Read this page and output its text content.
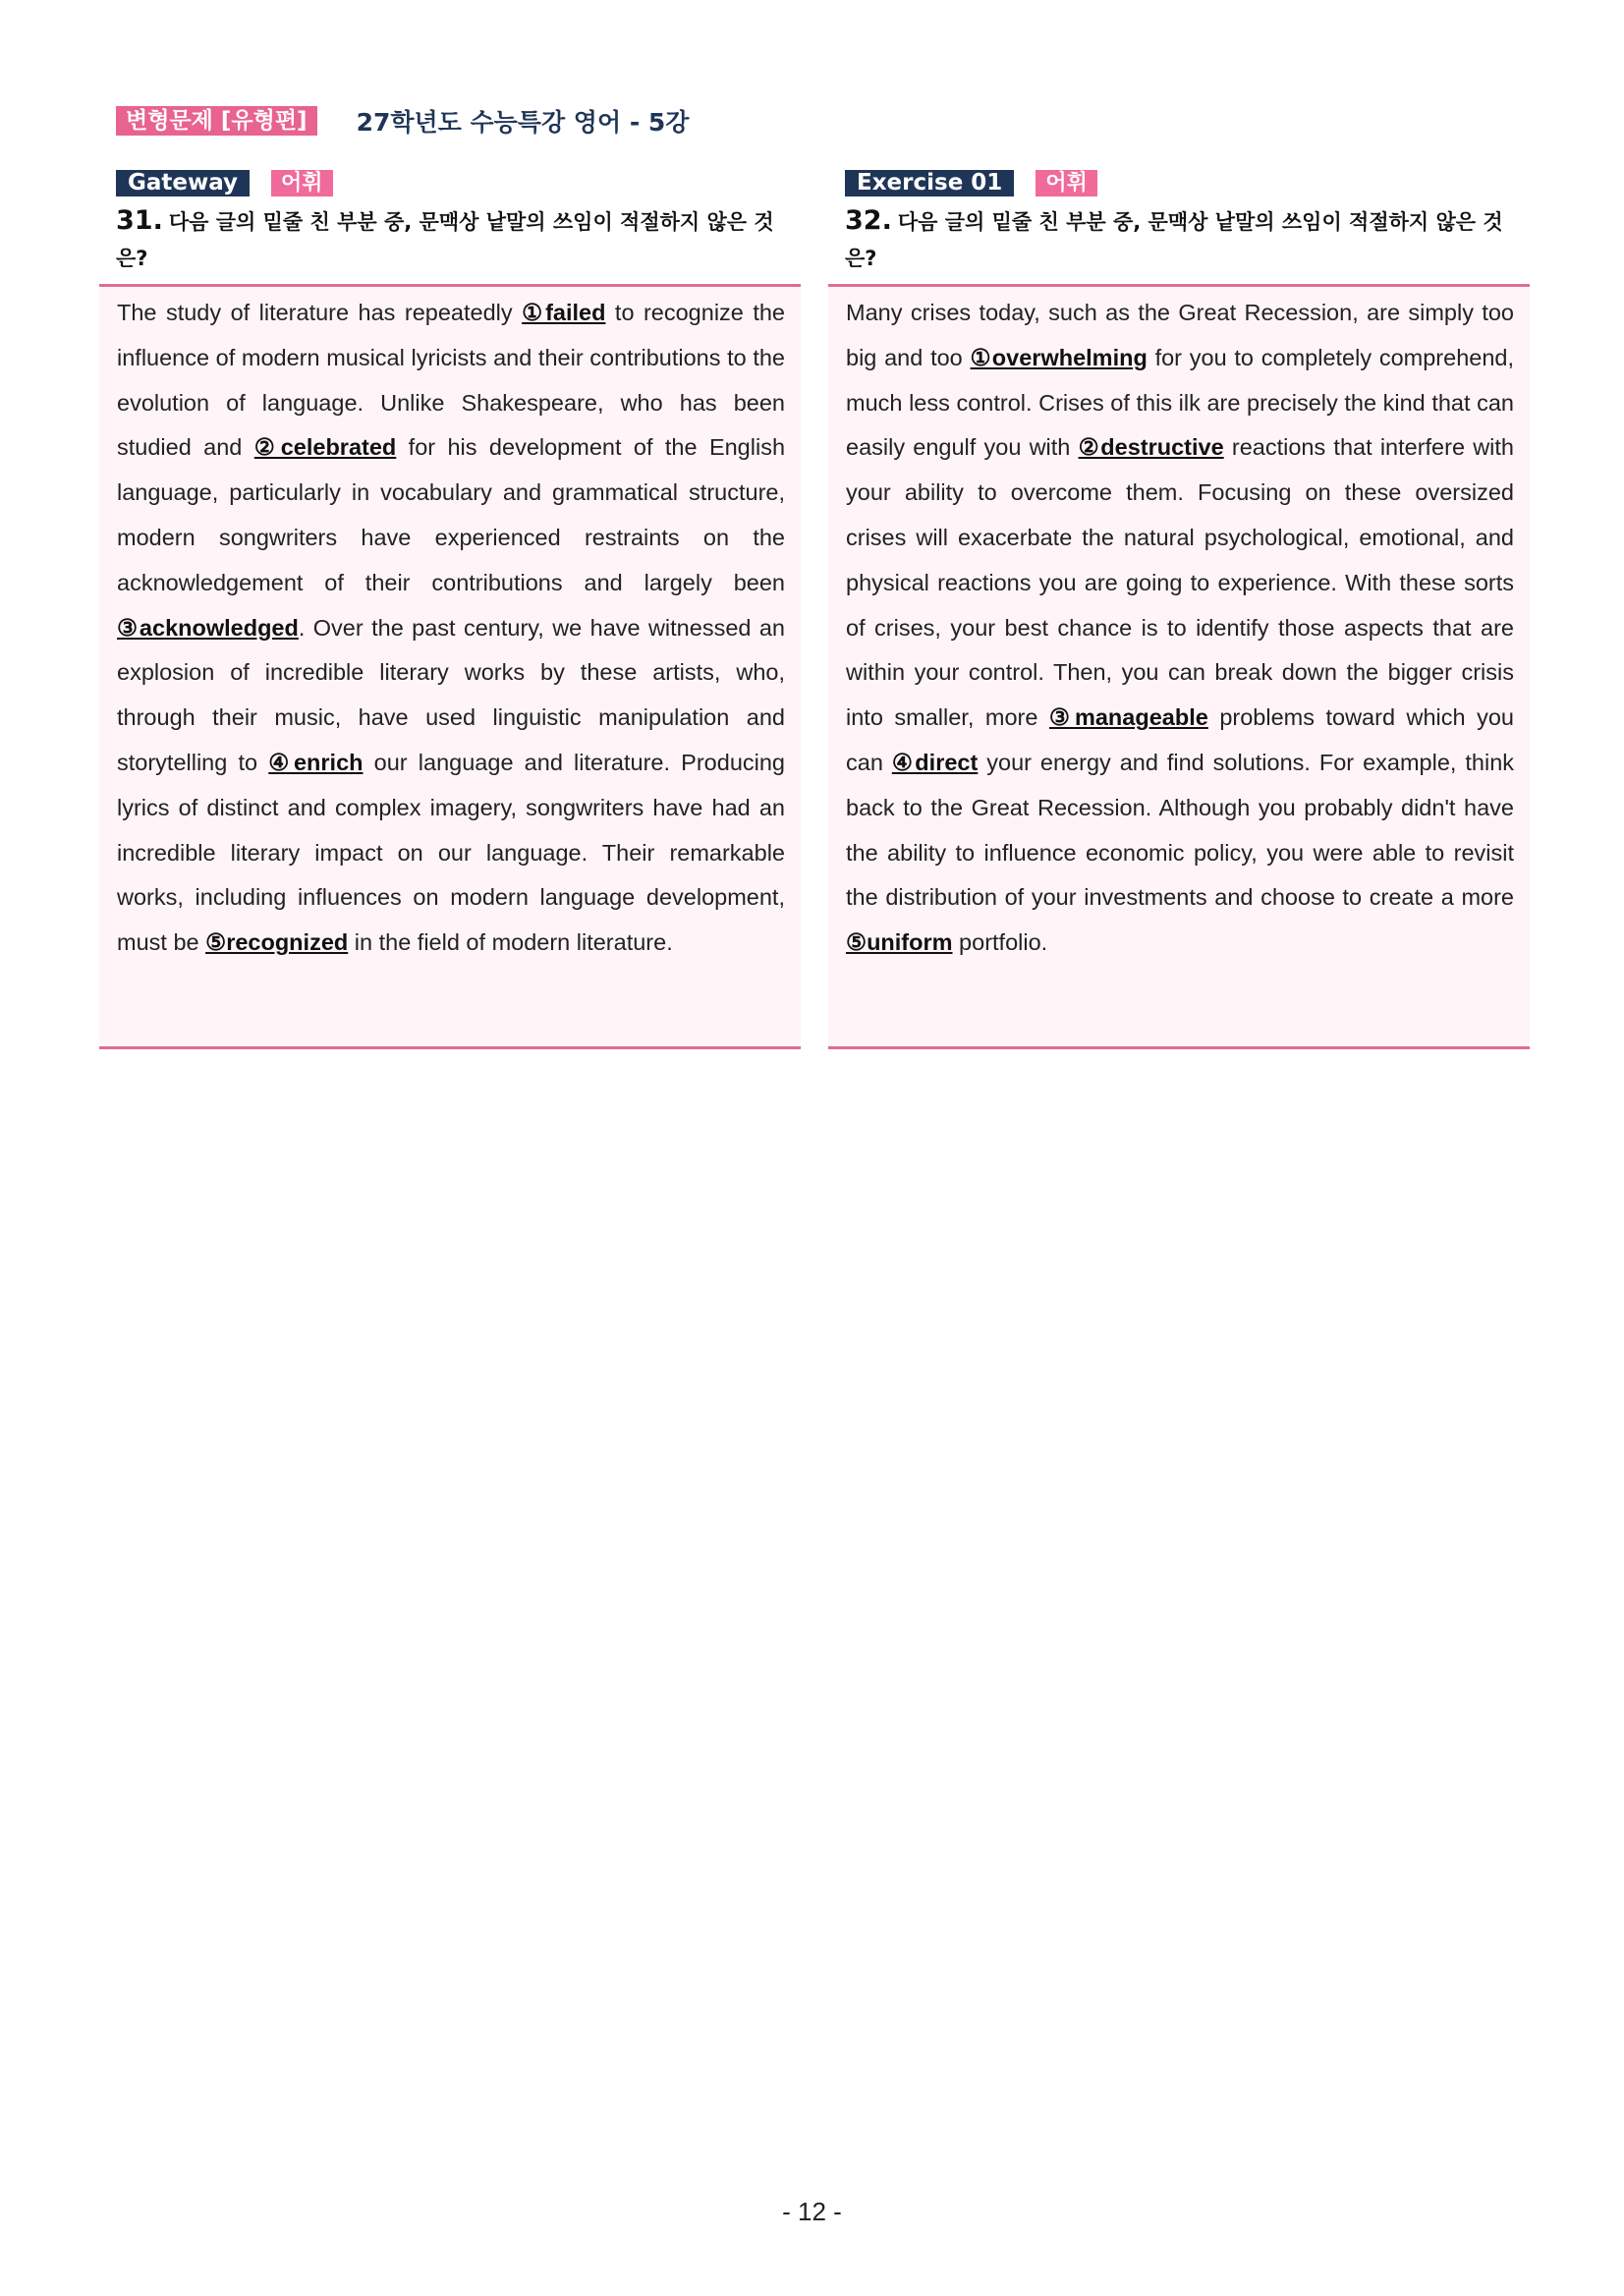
변형문제 [유형편]	27학년도 수능특강 영어 - 5강
Gateway	어휘
31. 다음 글의 밑줄 친 부분 중, 문맥상 낱말의 쓰임이 적절하지 않은 것은?
The study of literature has repeatedly ①failed to recognize the influence of modern musical lyricists and their contributions to the evolution of language. Unlike Shakespeare, who has been studied and ②celebrated for his development of the English language, particularly in vocabulary and grammatical structure, modern songwriters have experienced restraints on the acknowledgement of their contributions and largely been ③acknowledged. Over the past century, we have witnessed an explosion of incredible literary works by these artists, who, through their music, have used linguistic manipulation and storytelling to ④enrich our language and literature. Producing lyrics of distinct and complex imagery, songwriters have had an incredible literary impact on our language. Their remarkable works, including influences on modern language development, must be ⑤recognized in the field of modern literature.
Exercise 01	어휘
32. 다음 글의 밑줄 친 부분 중, 문맥상 낱말의 쓰임이 적절하지 않은 것은?
Many crises today, such as the Great Recession, are simply too big and too ①overwhelming for you to completely comprehend, much less control. Crises of this ilk are precisely the kind that can easily engulf you with ②destructive reactions that interfere with your ability to overcome them. Focusing on these oversized crises will exacerbate the natural psychological, emotional, and physical reactions you are going to experience. With these sorts of crises, your best chance is to identify those aspects that are within your control. Then, you can break down the bigger crisis into smaller, more ③manageable problems toward which you can ④direct your energy and find solutions. For example, think back to the Great Recession. Although you probably didn't have the ability to influence economic policy, you were able to revisit the distribution of your investments and choose to create a more ⑤uniform portfolio.
- 12 -
